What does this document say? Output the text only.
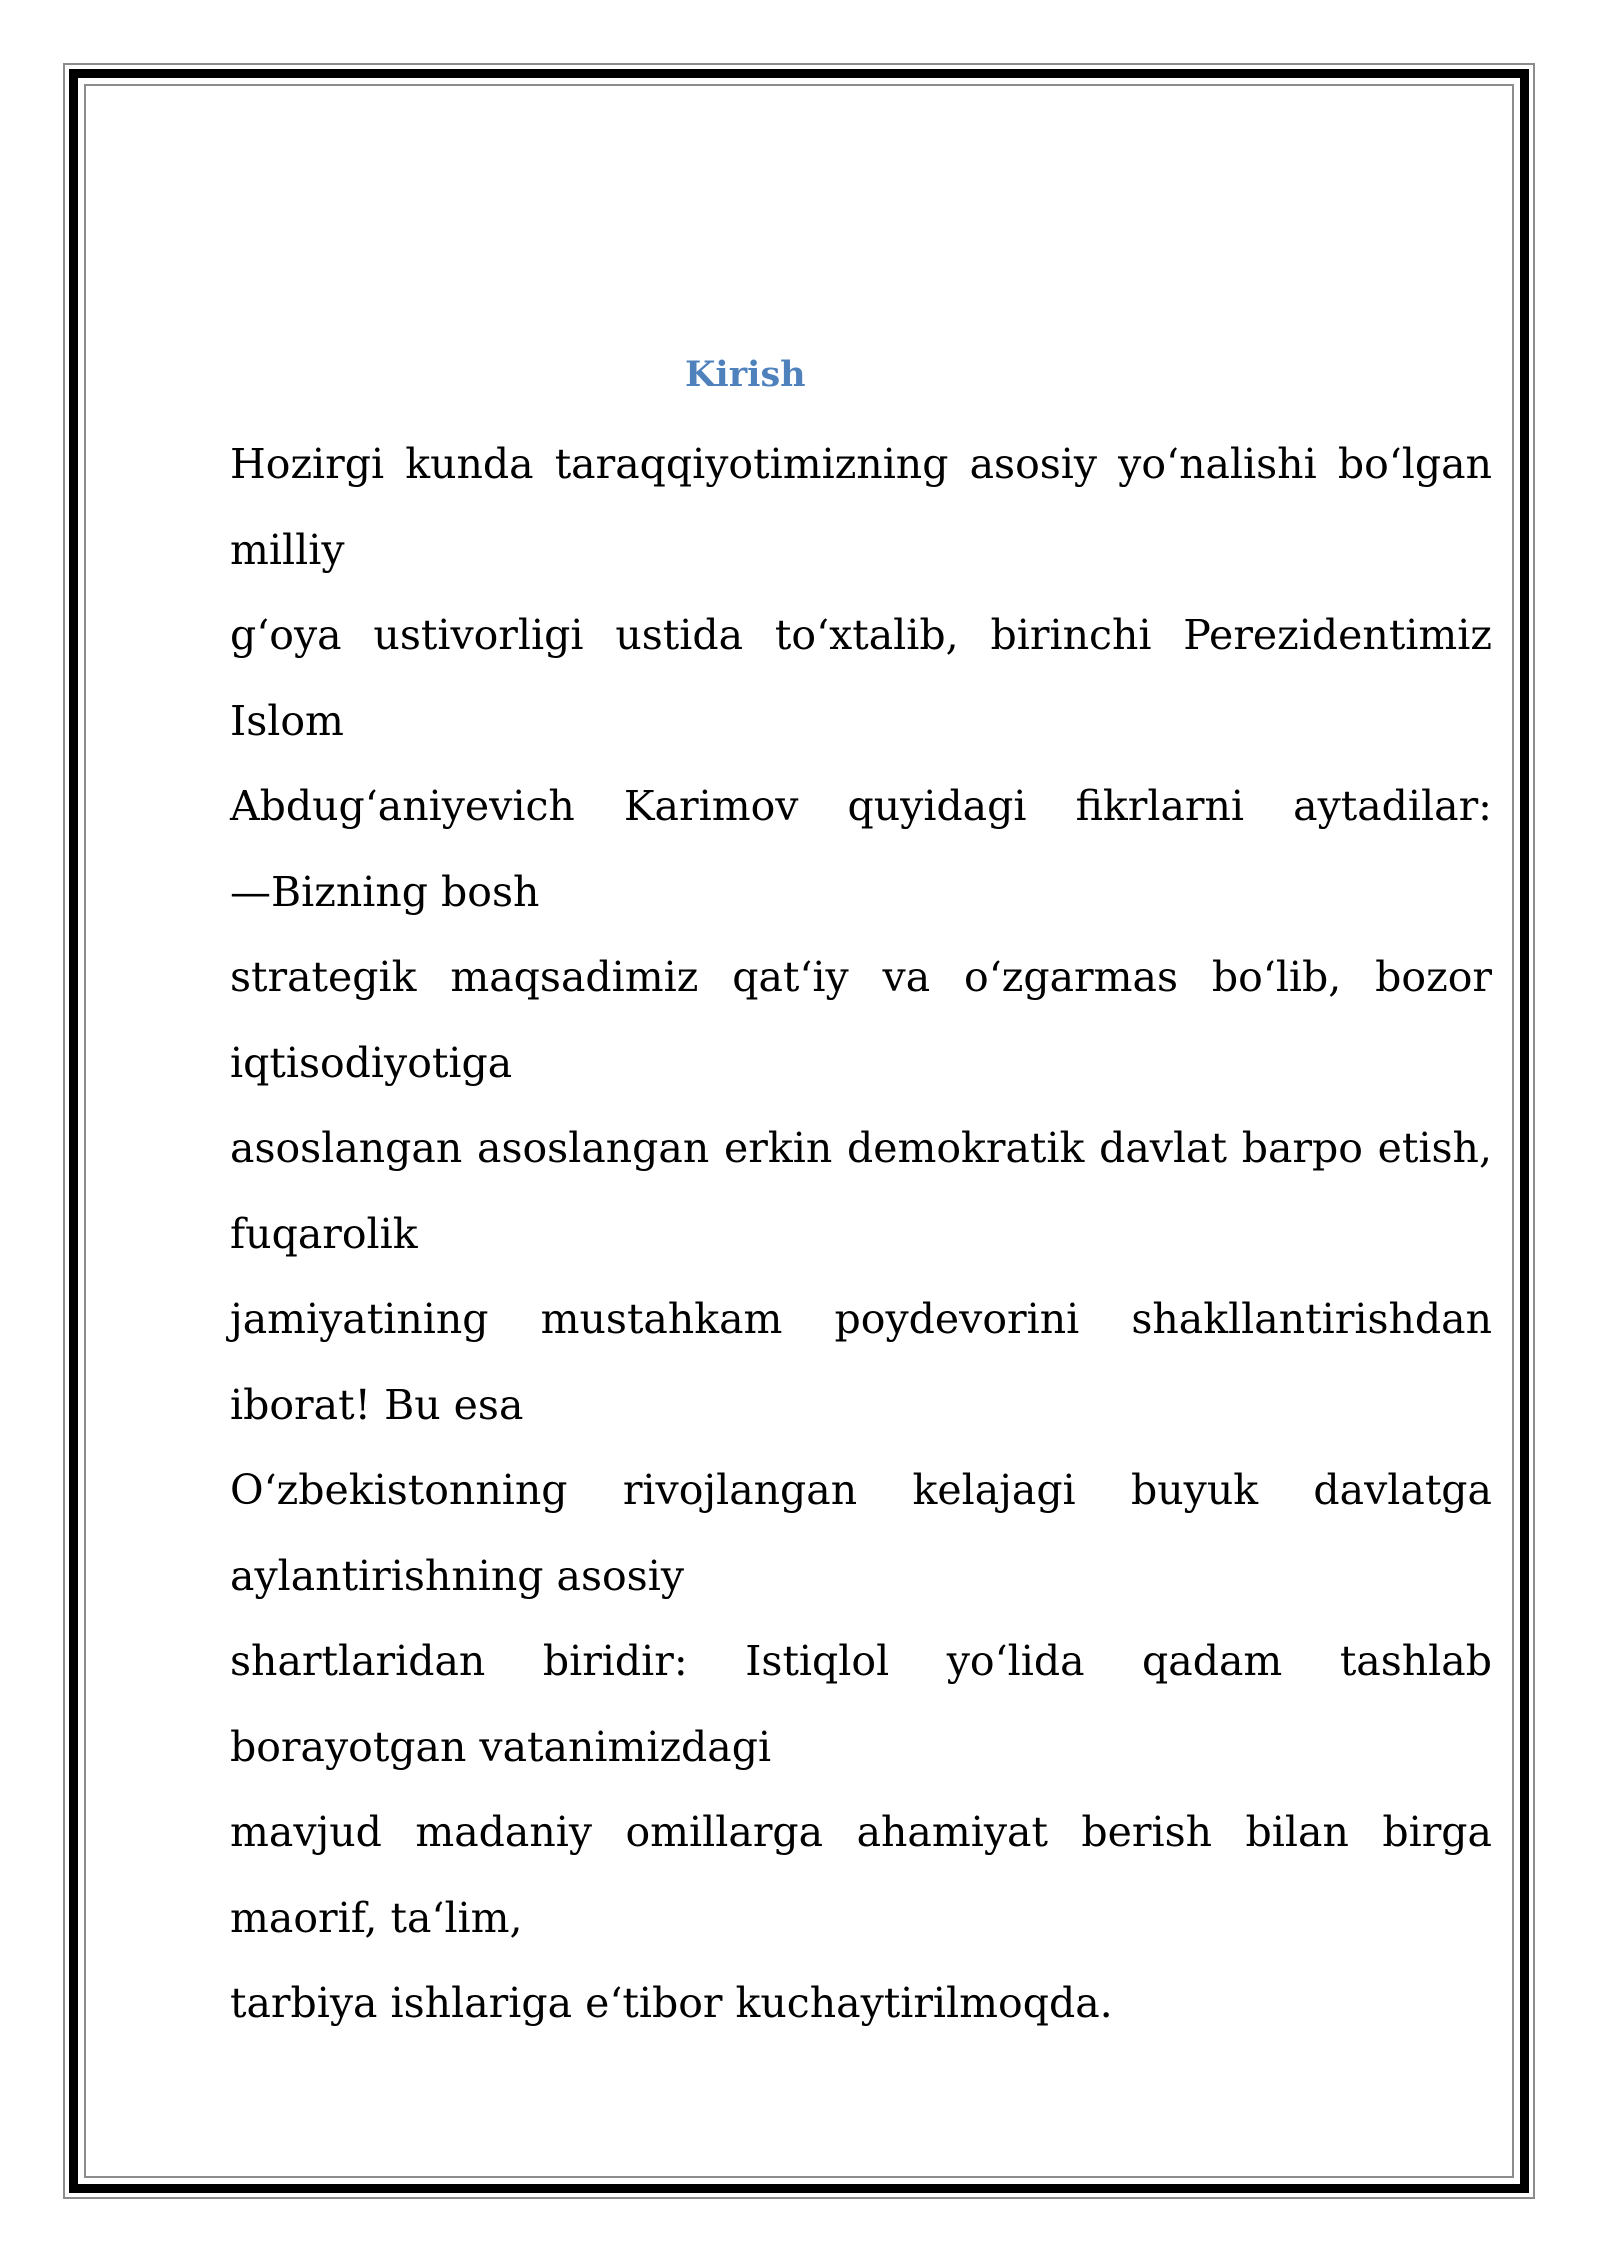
Kirish
Hozirgi kunda taraqqiyotimizning asosiy yo‘nalishi bo‘lgan
milliy
g‘oya ustivorligi ustida to‘xtalib, birinchi Perezidentimiz
Islom
Abdug‘aniyevich Karimov quyidagi fikrlarni aytadilar:
—Bizning bosh
strategik maqsadimiz qat‘iy va o‘zgarmas bo‘lib, bozor
iqtisodiyotiga
asoslangan asoslangan erkin demokratik davlat barpo etish,
fuqarolik
jamiyatining mustahkam poydevorini shakllantirishdan
iborat! Bu esa
O‘zbekistonning rivojlangan kelajagi buyuk davlatga
aylantirishning asosiy
shartlaridan biridir: Istiqlol yo‘lida qadam tashlab
borayotgan vatanimizdagi
mavjud madaniy omillarga ahamiyat berish bilan birga
maorif, ta‘lim,
tarbiya ishlariga e‘tibor kuchaytirilmoqda.
